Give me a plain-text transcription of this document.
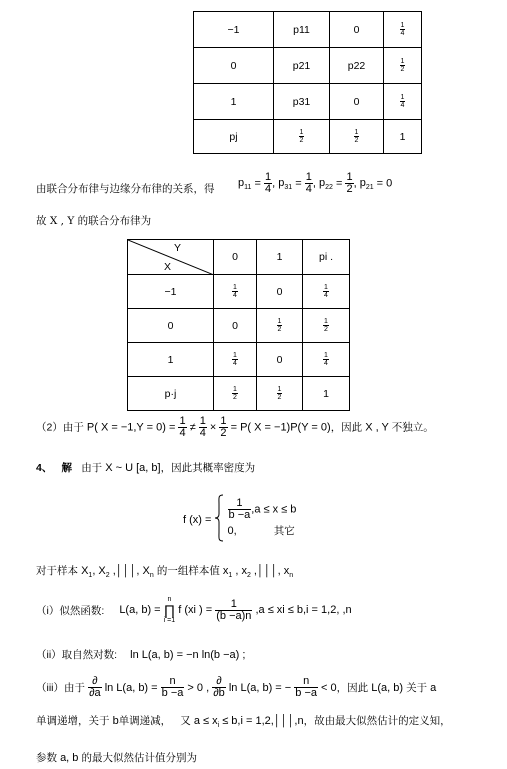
−1	p11	0	$\frac{1}{4}$

0	p21	p22	$\frac{1}{2}$

1	p31	0	$\frac{1}{4}$

pj	$\frac{1}{2}$	$\frac{1}{2}$	1
由联合分布律与边缘分布律的关系，得 $p_{11} = \frac{1}{4}$ , $p_{31} = \frac{1}{4}$ , $p_{22} = \frac{1}{2}$ , $p_{21} = 0$
故 X , Y 的联合分布律为
Y
X	0	1	pi .
−1	$\frac{1}{4}$	0	$\frac{1}{4}$

0	0	$\frac{1}{2}$	$\frac{1}{2}$

1	$\frac{1}{4}$	0	$\frac{1}{4}$

p·j	$\frac{1}{2}$	$\frac{1}{2}$	1
（2）由于 P( $X = -1,Y = 0) = \frac{1}{4} \ne \frac{1}{4} \times \frac{1}{2} = P$( X = −1)P(Y = 0)，因此 X , Y 不独立。
4、 解 由于 X ~ U [a, b]，因此其概率密度为
f $(x) = \frac{1}{b -a} ,a \le x \le b$
0,	其它
对于样本 $X_1$, $X_2$ ,│││, $X_n$ 的一组样本值 $x_1$ , $x_2$ ,│││, $x_n$
（i）似然函数: L(a, b) =
n
∏
i =1
f (xi ) = $\frac{1}{(b -a)n} ,a$ ≤ xi ≤ b,i = 1,2, ,n
（ii）取自然对数: ln L(a, b) = −n ln(b −a) ;
（iii）由于 $\frac{\partial}{\partial a}$ ln L(a, $b) = \frac{n}{b -a} > 0$ , $\frac{\partial}{\partial b}$ ln L(a, b) = − $\frac{n}{b -a} < 0$，因此 L(a, b) 关于 a
单调递增，关于 b单调递减， 又 $a \le x_i \le b,i$ = 1,2,│││,n，故由最大似然估计的定义知，
参数 a, b 的最大似然估计值分别为
